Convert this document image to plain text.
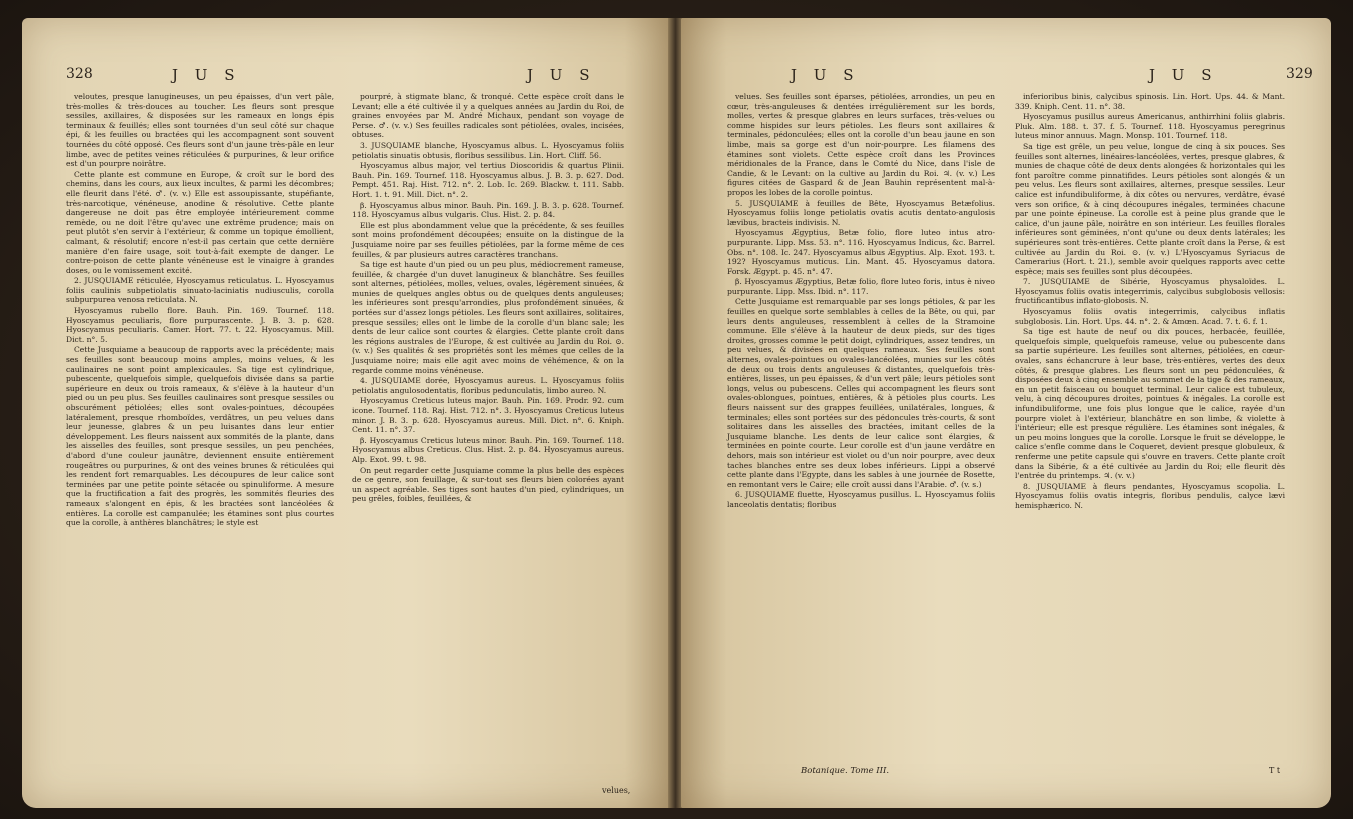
328	J U S	J U S

veloutes, presque lanugineuses, un peu épaisses, d'un vert pâle, très-molles & très-douces au toucher. Les fleurs sont presque sessiles, axillaires, & disposées sur les rameaux en longs épis terminaux & feuillés; elles sont tournées d'un seul côté sur chaque épi, & les feuilles ou bractées qui les accompagnent sont souvent tournées du côté opposé. Ces fleurs sont d'un jaune très-pâle en leur limbe, avec de petites veines réticulées & purpurines, & leur orifice est d'un pourpre noirâtre.

Cette plante est commune en Europe, & croît sur le bord des chemins, dans les cours, aux lieux incultes, & parmi les décombres; elle fleurit dans l'été. ♂. (v. v.) Elle est assoupissante, stupéfiante, très-narcotique, vénéneuse, anodine & résolutive. Cette plante dangereuse ne doit pas être employée intérieurement comme remède, ou ne doit l'être qu'avec une extrême prudence; mais on peut plutôt s'en servir à l'extérieur, & comme un topique émollient, calmant, & résolutif; encore n'est-il pas certain que cette dernière manière d'en faire usage, soit tout-à-fait exempte de danger. Le contre-poison de cette plante vénéneuse est le vinaigre à grandes doses, ou le vomissement excité.

2. JUSQUIAME réticulée, Hyoscyamus reticulatus. L. Hyoscyamus foliis caulinis subpetiolatis sinuato-laciniatis nudiusculis, corolla subpurpurea venosa reticulata. N.

Hyoscyamus rubello flore. Bauh. Pin. 169. Tournef. 118. Hyoscyamus peculiaris, flore purpurascente. J. B. 3. p. 628. Hyoscyamus peculiaris. Camer. Hort. 77. t. 22. Hyoscyamus. Mill. Dict. n°. 5.

Cette Jusquiame a beaucoup de rapports avec la précédente; mais ses feuilles sont beaucoup moins amples, moins velues, & les caulinaires ne sont point amplexicaules. Sa tige est cylindrique, pubescente, quelquefois simple, quelquefois divisée dans sa partie supérieure en deux ou trois rameaux, & s'élève à la hauteur d'un pied ou un peu plus. Ses feuilles caulinaires sont presque sessiles ou obscurément pétiolées; elles sont ovales-pointues, découpées latéralement, presque rhomboïdes, verdâtres, un peu velues dans leur jeunesse, glabres & un peu luisantes dans leur entier développement. Les fleurs naissent aux sommités de la plante, dans les aisselles des feuilles, sont presque sessiles, un peu penchées, d'abord d'une couleur jaunâtre, deviennent ensuite entièrement rougeâtres ou purpurines, & ont des veines brunes & réticulées qui les rendent fort remarquables. Les découpures de leur calice sont terminées par une petite pointe sétacée ou spinuliforme. A mesure que la fructification a fait des progrès, les sommités fleuries des rameaux s'alongent en épis, & les bractées sont lancéolées & entières. La corolle est campanulée; les étamines sont plus courtes que la corolle, à anthères blanchâtres; le style est

pourpré, à stigmate blanc, & tronqué. Cette espèce croît dans le Levant; elle a été cultivée il y a quelques années au Jardin du Roi, de graines envoyées par M. André Michaux, pendant son voyage de Perse. ♂. (v. v.) Ses feuilles radicales sont pétiolées, ovales, incisées, obtuses.

3. JUSQUIAME blanche, Hyoscyamus albus. L. Hyoscyamus foliis petiolatis sinuatis obtusis, floribus sessilibus. Lin. Hort. Cliff. 56.

Hyoscyamus albus major, vel tertius Dioscoridis & quartus Plinii. Bauh. Pin. 169. Tournef. 118. Hyoscyamus albus. J. B. 3. p. 627. Dod. Pempt. 451. Raj. Hist. 712. n°. 2. Lob. Ic. 269. Blackw. t. 111. Sabb. Hort. 1. t. 91. Mill. Dict. n°. 2.

β. Hyoscyamus albus minor. Bauh. Pin. 169. J. B. 3. p. 628. Tournef. 118. Hyoscyamus albus vulgaris. Clus. Hist. 2. p. 84.

Elle est plus abondamment velue que la précédente, & ses feuilles sont moins profondément découpées; ensuite on la distingue de la Jusquiame noire par ses feuilles pétiolées, par la forme même de ces feuilles, & par plusieurs autres caractères tranchans.

Sa tige est haute d'un pied ou un peu plus, médiocrement rameuse, feuillée, & chargée d'un duvet lanugineux & blanchâtre. Ses feuilles sont alternes, pétiolées, molles, velues, ovales, légèrement sinuées, & munies de quelques angles obtus ou de quelques dents anguleuses; les inférieures sont presqu'arrondies, plus profondément sinuées, & portées sur d'assez longs pétioles. Les fleurs sont axillaires, solitaires, presque sessiles; elles ont le limbe de la corolle d'un blanc sale; les dents de leur calice sont courtes & élargies. Cette plante croît dans les régions australes de l'Europe, & est cultivée au Jardin du Roi. ⊙. (v. v.) Ses qualités & ses propriétés sont les mêmes que celles de la Jusquiame noire; mais elle agit avec moins de véhémence, & on la regarde comme moins vénéneuse.

4. JUSQUIAME dorée, Hyoscyamus aureus. L. Hyoscyamus foliis petiolatis angulosodentatis, floribus pedunculatis, limbo aureo. N.

Hyoscyamus Creticus luteus major. Bauh. Pin. 169. Prodr. 92. cum icone. Tournef. 118. Raj. Hist. 712. n°. 3. Hyoscyamus Creticus luteus minor. J. B. 3. p. 628. Hyoscyamus aureus. Mill. Dict. n°. 6. Kniph. Cent. 11. n°. 37.

β. Hyoscyamus Creticus luteus minor. Bauh. Pin. 169. Tournef. 118. Hyoscyamus albus Creticus. Clus. Hist. 2. p. 84. Hyoscyamus aureus. Alp. Exot. 99. t. 98.

On peut regarder cette Jusquiame comme la plus belle des espèces de ce genre, son feuillage, & sur-tout ses fleurs bien colorées ayant un aspect agréable. Ses tiges sont hautes d'un pied, cylindriques, un peu grêles, foibles, feuillées, &

velues,
J U S	J U S	329

velues. Ses feuilles sont éparses, pétiolées, arrondies, un peu en cœur, très-anguleuses & dentées irrégulièrement sur les bords, molles, vertes & presque glabres en leurs surfaces, très-velues ou comme hispides sur leurs pétioles. Les fleurs sont axillaires & terminales, pédonculées; elles ont la corolle d'un beau jaune en son limbe, mais sa gorge est d'un noir-pourpre. Les filamens des étamines sont violets. Cette espèce croît dans les Provinces méridionales de la France, dans le Comté du Nice, dans l'isle de Candie, & le Levant: on la cultive au Jardin du Roi. ♃. (v. v.) Les figures citées de Gaspard & de Jean Bauhin représentent mal-à-propos les lobes de la corolle pointus.

5. JUSQUIAME à feuilles de Bête, Hyoscyamus Betæfolius. Hyoscyamus foliis longe petiolatis ovatis acutis dentato-angulosis lævibus, bracteis indivisis. N.

Hyoscyamus Ægyptius, Betæ folio, flore luteo intus atro-purpurante. Lipp. Mss. 53. n°. 116. Hyoscyamus Indicus, &c. Barrel. Obs. n°. 108. Ic. 247. Hyoscyamus albus Ægyptius. Alp. Exot. 193. t. 192? Hyoscyamus muticus. Lin. Mant. 45. Hyoscyamus datora. Forsk. Ægypt. p. 45. n°. 47.

β. Hyoscyamus Ægyptius, Betæ folio, flore luteo foris, intus è niveo purpurante. Lipp. Mss. Ibid. n°. 117.

Cette Jusquiame est remarquable par ses longs pétioles, & par les feuilles en quelque sorte semblables à celles de la Bête, ou qui, par leurs dents anguleuses, ressemblent à celles de la Stramoine commune. Elle s'élève à la hauteur de deux pieds, sur des tiges droites, grosses comme le petit doigt, cylindriques, assez tendres, un peu velues, & divisées en quelques rameaux. Ses feuilles sont alternes, ovales-pointues ou ovales-lancéolées, munies sur les côtés de deux ou trois dents anguleuses & distantes, quelquefois très-entières, lisses, un peu épaisses, & d'un vert pâle; leurs pétioles sont longs, velus ou pubescens. Celles qui accompagnent les fleurs sont ovales-oblongues, pointues, entières, & à pétioles plus courts. Les fleurs naissent sur des grappes feuillées, unilatérales, longues, & terminales; elles sont portées sur des pédoncules très-courts, & sont solitaires dans les aisselles des bractées, imitant celles de la Jusquiame blanche. Les dents de leur calice sont élargies, & terminées en pointe courte. Leur corolle est d'un jaune verdâtre en dehors, mais son intérieur est violet ou d'un noir pourpre, avec deux taches blanches entre ses deux lobes inférieurs. Lippi a observé cette plante dans l'Egypte, dans les sables à une journée de Rosette, en remontant vers le Caire; elle croît aussi dans l'Arabie. ♂. (v. s.)

6. JUSQUIAME fluette, Hyoscyamus pusillus. L. Hyoscyamus foliis lanceolatis dentatis; floribus

inferioribus binis, calycibus spinosis. Lin. Hort. Ups. 44. & Mant. 339. Kniph. Cent. 11. n°. 38.

Hyoscyamus pusillus aureus Americanus, anthirrhini foliis glabris. Pluk. Alm. 188. t. 37. f. 5. Tournef. 118. Hyoscyamus peregrinus luteus minor annuus. Magn. Monsp. 101. Tournef. 118.

Sa tige est grêle, un peu velue, longue de cinq à six pouces. Ses feuilles sont alternes, linéaires-lancéolées, vertes, presque glabres, & munies de chaque côté de deux dents alongées & horizontales qui les font paroître comme pinnatifides. Leurs pétioles sont alongés & un peu velus. Les fleurs sont axillaires, alternes, presque sessiles. Leur calice est infundibuliforme, à dix côtes ou nervures, verdâtre, évasé vers son orifice, & à cinq découpures inégales, terminées chacune par une pointe épineuse. La corolle est à peine plus grande que le calice, d'un jaune pâle, noirâtre en son intérieur. Les feuilles florales inférieures sont géminées, n'ont qu'une ou deux dents latérales; les supérieures sont très-entières. Cette plante croît dans la Perse, & est cultivée au Jardin du Roi. ⊙. (v. v.) L'Hyoscyamus Syriacus de Camerarius (Hort. t. 21.), semble avoir quelques rapports avec cette espèce; mais ses feuilles sont plus découpées.

7. JUSQUIAME de Sibérie, Hyoscyamus physaloïdes. L. Hyoscyamus foliis ovatis integerrimis, calycibus subglobosis vellosis: fructificantibus inflato-globosis. N.

Hyoscyamus foliis ovatis integerrimis, calycibus inflatis subglobosis. Lin. Hort. Ups. 44. n°. 2. & Amœn. Acad. 7. t. 6. f. 1.

Sa tige est haute de neuf ou dix pouces, herbacée, feuillée, quelquefois simple, quelquefois rameuse, velue ou pubescente dans sa partie supérieure. Les feuilles sont alternes, pétiolées, en cœur-ovales, sans échancrure à leur base, très-entières, vertes des deux côtés, & presque glabres. Les fleurs sont un peu pédonculées, & disposées deux à cinq ensemble au sommet de la tige & des rameaux, en un petit faisceau ou bouquet terminal. Leur calice est tubuleux, velu, à cinq découpures droites, pointues & inégales. La corolle est infundibuliforme, une fois plus longue que le calice, rayée d'un pourpre violet à l'extérieur, blanchâtre en son limbe, & violette à l'intérieur; elle est presque régulière. Les étamines sont inégales, & un peu moins longues que la corolle. Lorsque le fruit se développe, le calice s'enfle comme dans le Coqueret, devient presque globuleux, & renferme une petite capsule qui s'ouvre en travers. Cette plante croît dans la Sibérie, & a été cultivée au Jardin du Roi; elle fleurit dès l'entrée du printemps. ♃. (v. v.)

8. JUSQUIAME à fleurs pendantes, Hyoscyamus scopolia. L. Hyoscyamus foliis ovatis integris, floribus pendulis, calyce lævi hemisphærico. N.

Botanique. Tome III.	T t
